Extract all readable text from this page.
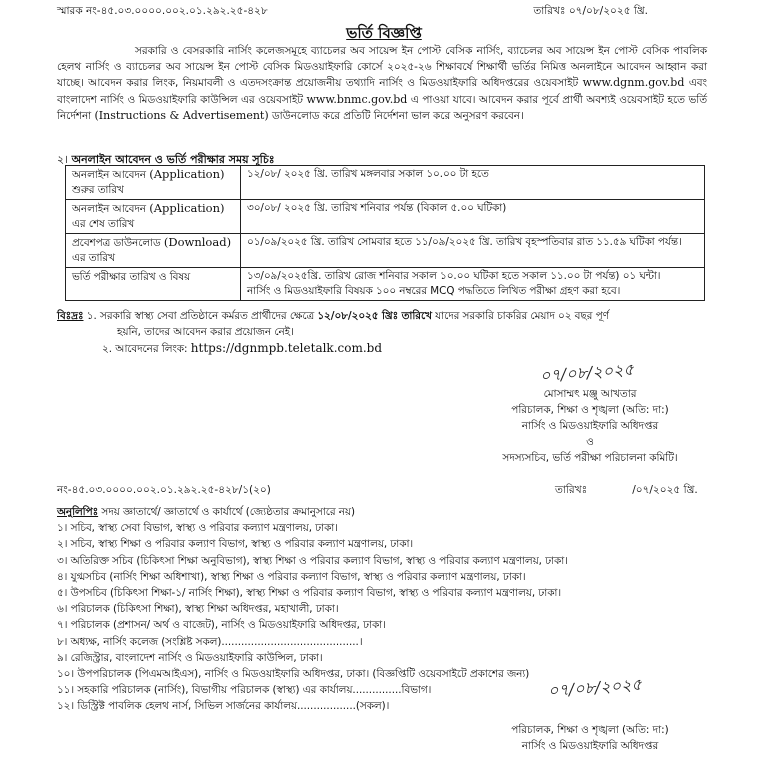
স্মারক নং-৪৫.০৩.০০০০.০০২.০১.২৯২.২৫-৪২৮	তারিখঃ ০৭/০৮/২০২৫ খ্রি.
ভর্তি বিজ্ঞপ্তি
সরকারি ও বেসরকারি নার্সিং কলেজসমূহে ব্যাচেলর অব সায়েন্স ইন পোস্ট বেসিক নার্সিং, ব্যাচেলর অব সায়েন্স ইন পোস্ট বেসিক পাবলিক হেলথ নার্সিং ও ব্যাচেলর অব সায়েন্স ইন পোস্ট বেসিক মিডওয়াইফারি কোর্সে ২০২৫-২৬ শিক্ষাবর্ষে শিক্ষার্থী ভর্তির নিমিত্ত অনলাইনে আবেদন আহ্বান করা যাচ্ছে। আবেদন করার লিংক, নিয়মাবলী ও এতদসংক্রান্ত প্রয়োজনীয় তথ্যাদি নার্সিং ও মিডওয়াইফারি অধিদপ্তরের ওয়েবসাইট www.dgnm.gov.bd এবং বাংলাদেশ নার্সিং ও মিডওয়াইফারি কাউন্সিল এর ওয়েবসাইট www.bnmc.gov.bd এ পাওয়া যাবে। আবেদন করার পূর্বে প্রার্থী অবশ্যই ওয়েবসাইট হতে ভর্তি নির্দেশনা (Instructions & Advertisement) ডাউনলোড করে প্রতিটি নির্দেশনা ভাল করে অনুসরণ করবেন।
২। অনলাইন আবেদন ও ভর্তি পরীক্ষার সময় সূচিঃ
অনলাইন আবেদন (Application) শুরুর তারিখ	১২/০৮/ ২০২৫ খ্রি. তারিখ মঙ্গলবার সকাল ১০.০০ টা হতে

অনলাইন আবেদন (Application) এর শেষ তারিখ	৩০/০৮/ ২০২৫ খ্রি. তারিখ শনিবার পর্যন্ত (বিকাল ৫.০০ ঘটিকা)

প্রবেশপত্র ডাউনলোড (Download) এর তারিখ	০১/০৯/২০২৫ খ্রি. তারিখ সোমবার হতে ১১/০৯/২০২৫ খ্রি. তারিখ বৃহস্পতিবার রাত ১১.৫৯ ঘটিকা পর্যন্ত।

ভর্তি পরীক্ষার তারিখ ও বিষয়	১৩/০৯/২০২৫খ্রি. তারিখ রোজ শনিবার সকাল ১০.০০ ঘটিকা হতে সকাল ১১.০০ টা পর্যন্ত) ০১ ঘন্টা।
নার্সিং ও মিডওয়াইফারি বিষয়ক ১০০ নম্বরের MCQ পদ্ধতিতে লিখিত পরীক্ষা গ্রহণ করা হবে।
বিঃদ্রঃ ১. সরকারি স্বাস্থ্য সেবা প্রতিষ্ঠানে কর্মরত প্রার্থীদের ক্ষেত্রে ১২/০৮/২০২৫ খ্রিঃ তারিখে যাদের সরকারি চাকরির মেয়াদ ০২ বছর পূর্ণ
হয়নি, তাদের আবেদন করার প্রয়োজন নেই।
২. আবেদনের লিংক: https://dgnmpb.teletalk.com.bd
০৭/০৮/২০২৫
মোসাম্মৎ মঞ্জু আখতার
পরিচালক, শিক্ষা ও শৃঙ্খলা (অতি: দা:)
নার্সিং ও মিডওয়াইফারি অধিদপ্তর
ও
সদস্যসচিব, ভর্তি পরীক্ষা পরিচালনা কমিটি।
নং-৪৫.০৩.০০০০.০০২.০১.২৯২.২৫-৪২৮/১(২০)	তারিখঃ	/০৭/২০২৫ খ্রি.
অনুলিপিঃ সদয় জ্ঞাতার্থে/ জ্ঞাতার্থে ও কার্যার্থে (জ্যেষ্ঠতার ক্রমানুসারে নয়)
১। সচিব, স্বাস্থ্য সেবা বিভাগ, স্বাস্থ্য ও পরিবার কল্যাণ মন্ত্রণালয়, ঢাকা।
২। সচিব, স্বাস্থ্য শিক্ষা ও পরিবার কল্যাণ বিভাগ, স্বাস্থ্য ও পরিবার কল্যাণ মন্ত্রণালয়, ঢাকা।
৩। অতিরিক্ত সচিব (চিকিৎসা শিক্ষা অনুবিভাগ), স্বাস্থ্য শিক্ষা ও পরিবার কল্যাণ বিভাগ, স্বাস্থ্য ও পরিবার কল্যাণ মন্ত্রণালয়, ঢাকা।
৪। যুগ্মসচিব (নার্সিং শিক্ষা অধিশাখা), স্বাস্থ্য শিক্ষা ও পরিবার কল্যাণ বিভাগ, স্বাস্থ্য ও পরিবার কল্যাণ মন্ত্রণালয়, ঢাকা।
৫। উপসচিব (চিকিৎসা শিক্ষা-১/ নার্সিং শিক্ষা), স্বাস্থ্য শিক্ষা ও পরিবার কল্যাণ বিভাগ, স্বাস্থ্য ও পরিবার কল্যাণ মন্ত্রণালয়, ঢাকা।
৬। পরিচালক (চিকিৎসা শিক্ষা), স্বাস্থ্য শিক্ষা অধিদপ্তর, মহাখালী, ঢাকা।
৭। পরিচালক (প্রশাসন/ অর্থ ও বাজেট), নার্সিং ও মিডওয়াইফারি অধিদপ্তর, ঢাকা।
৮। অধ্যক্ষ, নার্সিং কলেজ (সংশ্লিষ্ট সকল)..........................................।
৯। রেজিস্ট্রার, বাংলাদেশ নার্সিং ও মিডওয়াইফারি কাউন্সিল, ঢাকা।
১০। উপপরিচালক (পিএমআইএস), নার্সিং ও মিডওয়াইফারি অধিদপ্তর, ঢাকা। (বিজ্ঞপ্তিটি ওয়েবসাইটে প্রকাশের জন্য)
১১। সহকারি পরিচালক (নার্সিং), বিভাগীয় পরিচালক (স্বাস্থ্য) এর কার্যালয়...............বিভাগ।
১২। ডিস্ট্রিক্ট পাবলিক হেলথ নার্স, সিভিল সার্জনের কার্যালয়..................(সকল)।
০৭/০৮/২০২৫
পরিচালক, শিক্ষা ও শৃঙ্খলা (অতি: দা:)
নার্সিং ও মিডওয়াইফারি অধিদপ্তর
